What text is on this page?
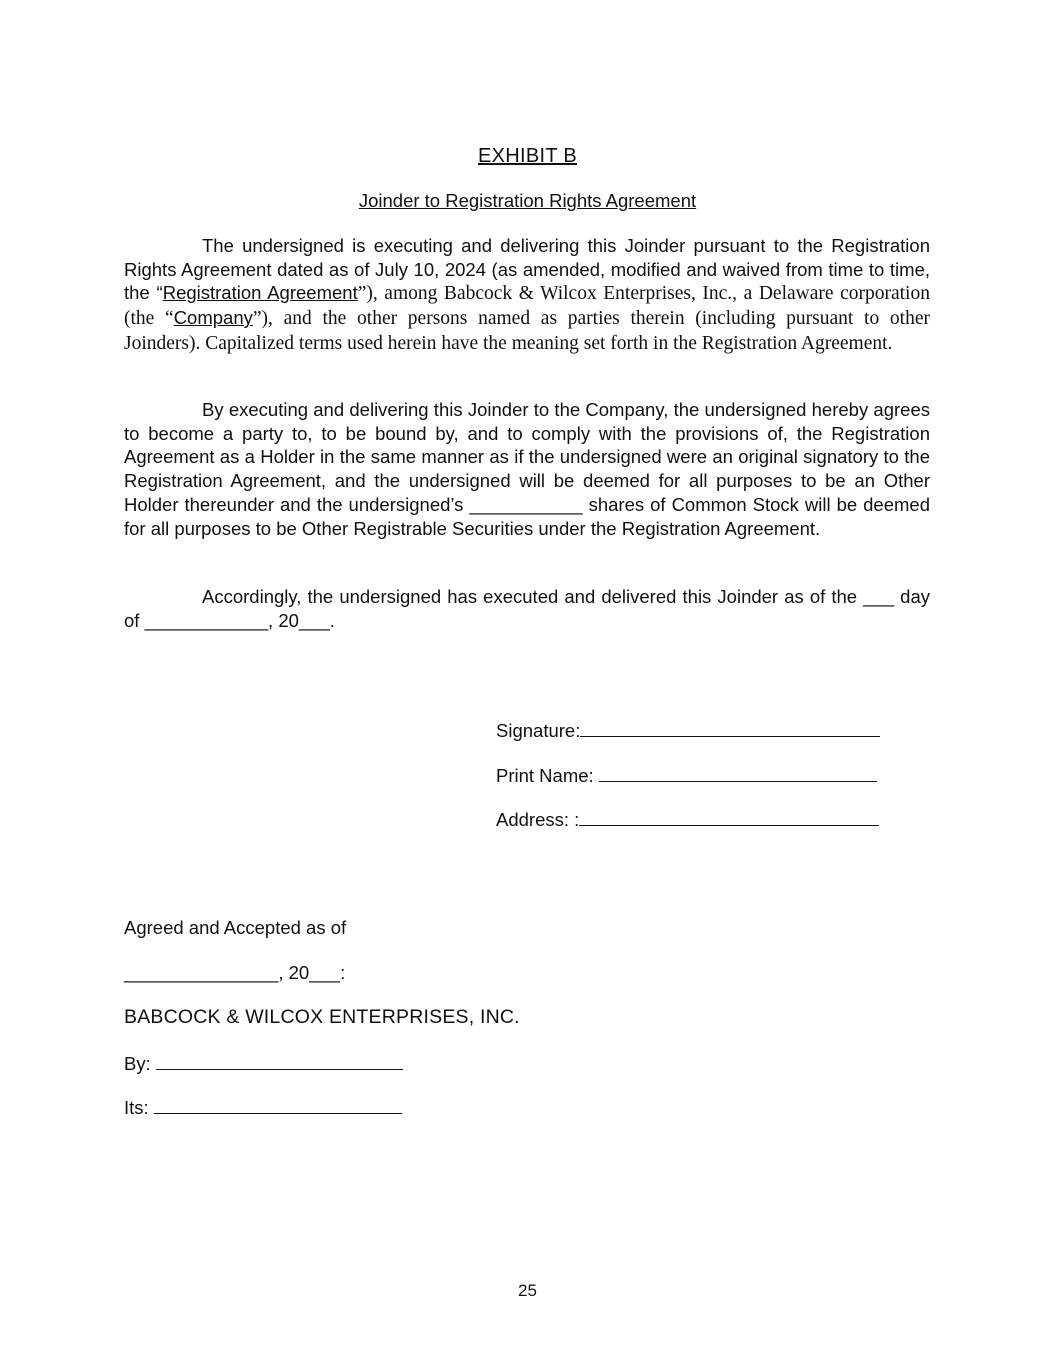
EXHIBIT B
Joinder to Registration Rights Agreement

The undersigned is executing and delivering this Joinder pursuant to the Registration Rights Agreement dated as of July 10, 2024 (as amended, modified and waived from time to time, the “Registration Agreement”), among Babcock & Wilcox Enterprises, Inc., a Delaware corporation (the “Company”), and the other persons named as parties therein (including pursuant to other Joinders). Capitalized terms used herein have the meaning set forth in the Registration Agreement.

By executing and delivering this Joinder to the Company, the undersigned hereby agrees to become a party to, to be bound by, and to comply with the provisions of, the Registration Agreement as a Holder in the same manner as if the undersigned were an original signatory to the Registration Agreement, and the undersigned will be deemed for all purposes to be an Other Holder thereunder and the undersigned’s ___________ shares of Common Stock will be deemed for all purposes to be Other Registrable Securities under the Registration Agreement.

Accordingly, the undersigned has executed and delivered this Joinder as of the ___ day of ____________, 20___.

Signature:
Print Name:
Address: :
Agreed and Accepted as of
_______________, 20___:
BABCOCK & WILCOX ENTERPRISES, INC.
By:
Its:
25
